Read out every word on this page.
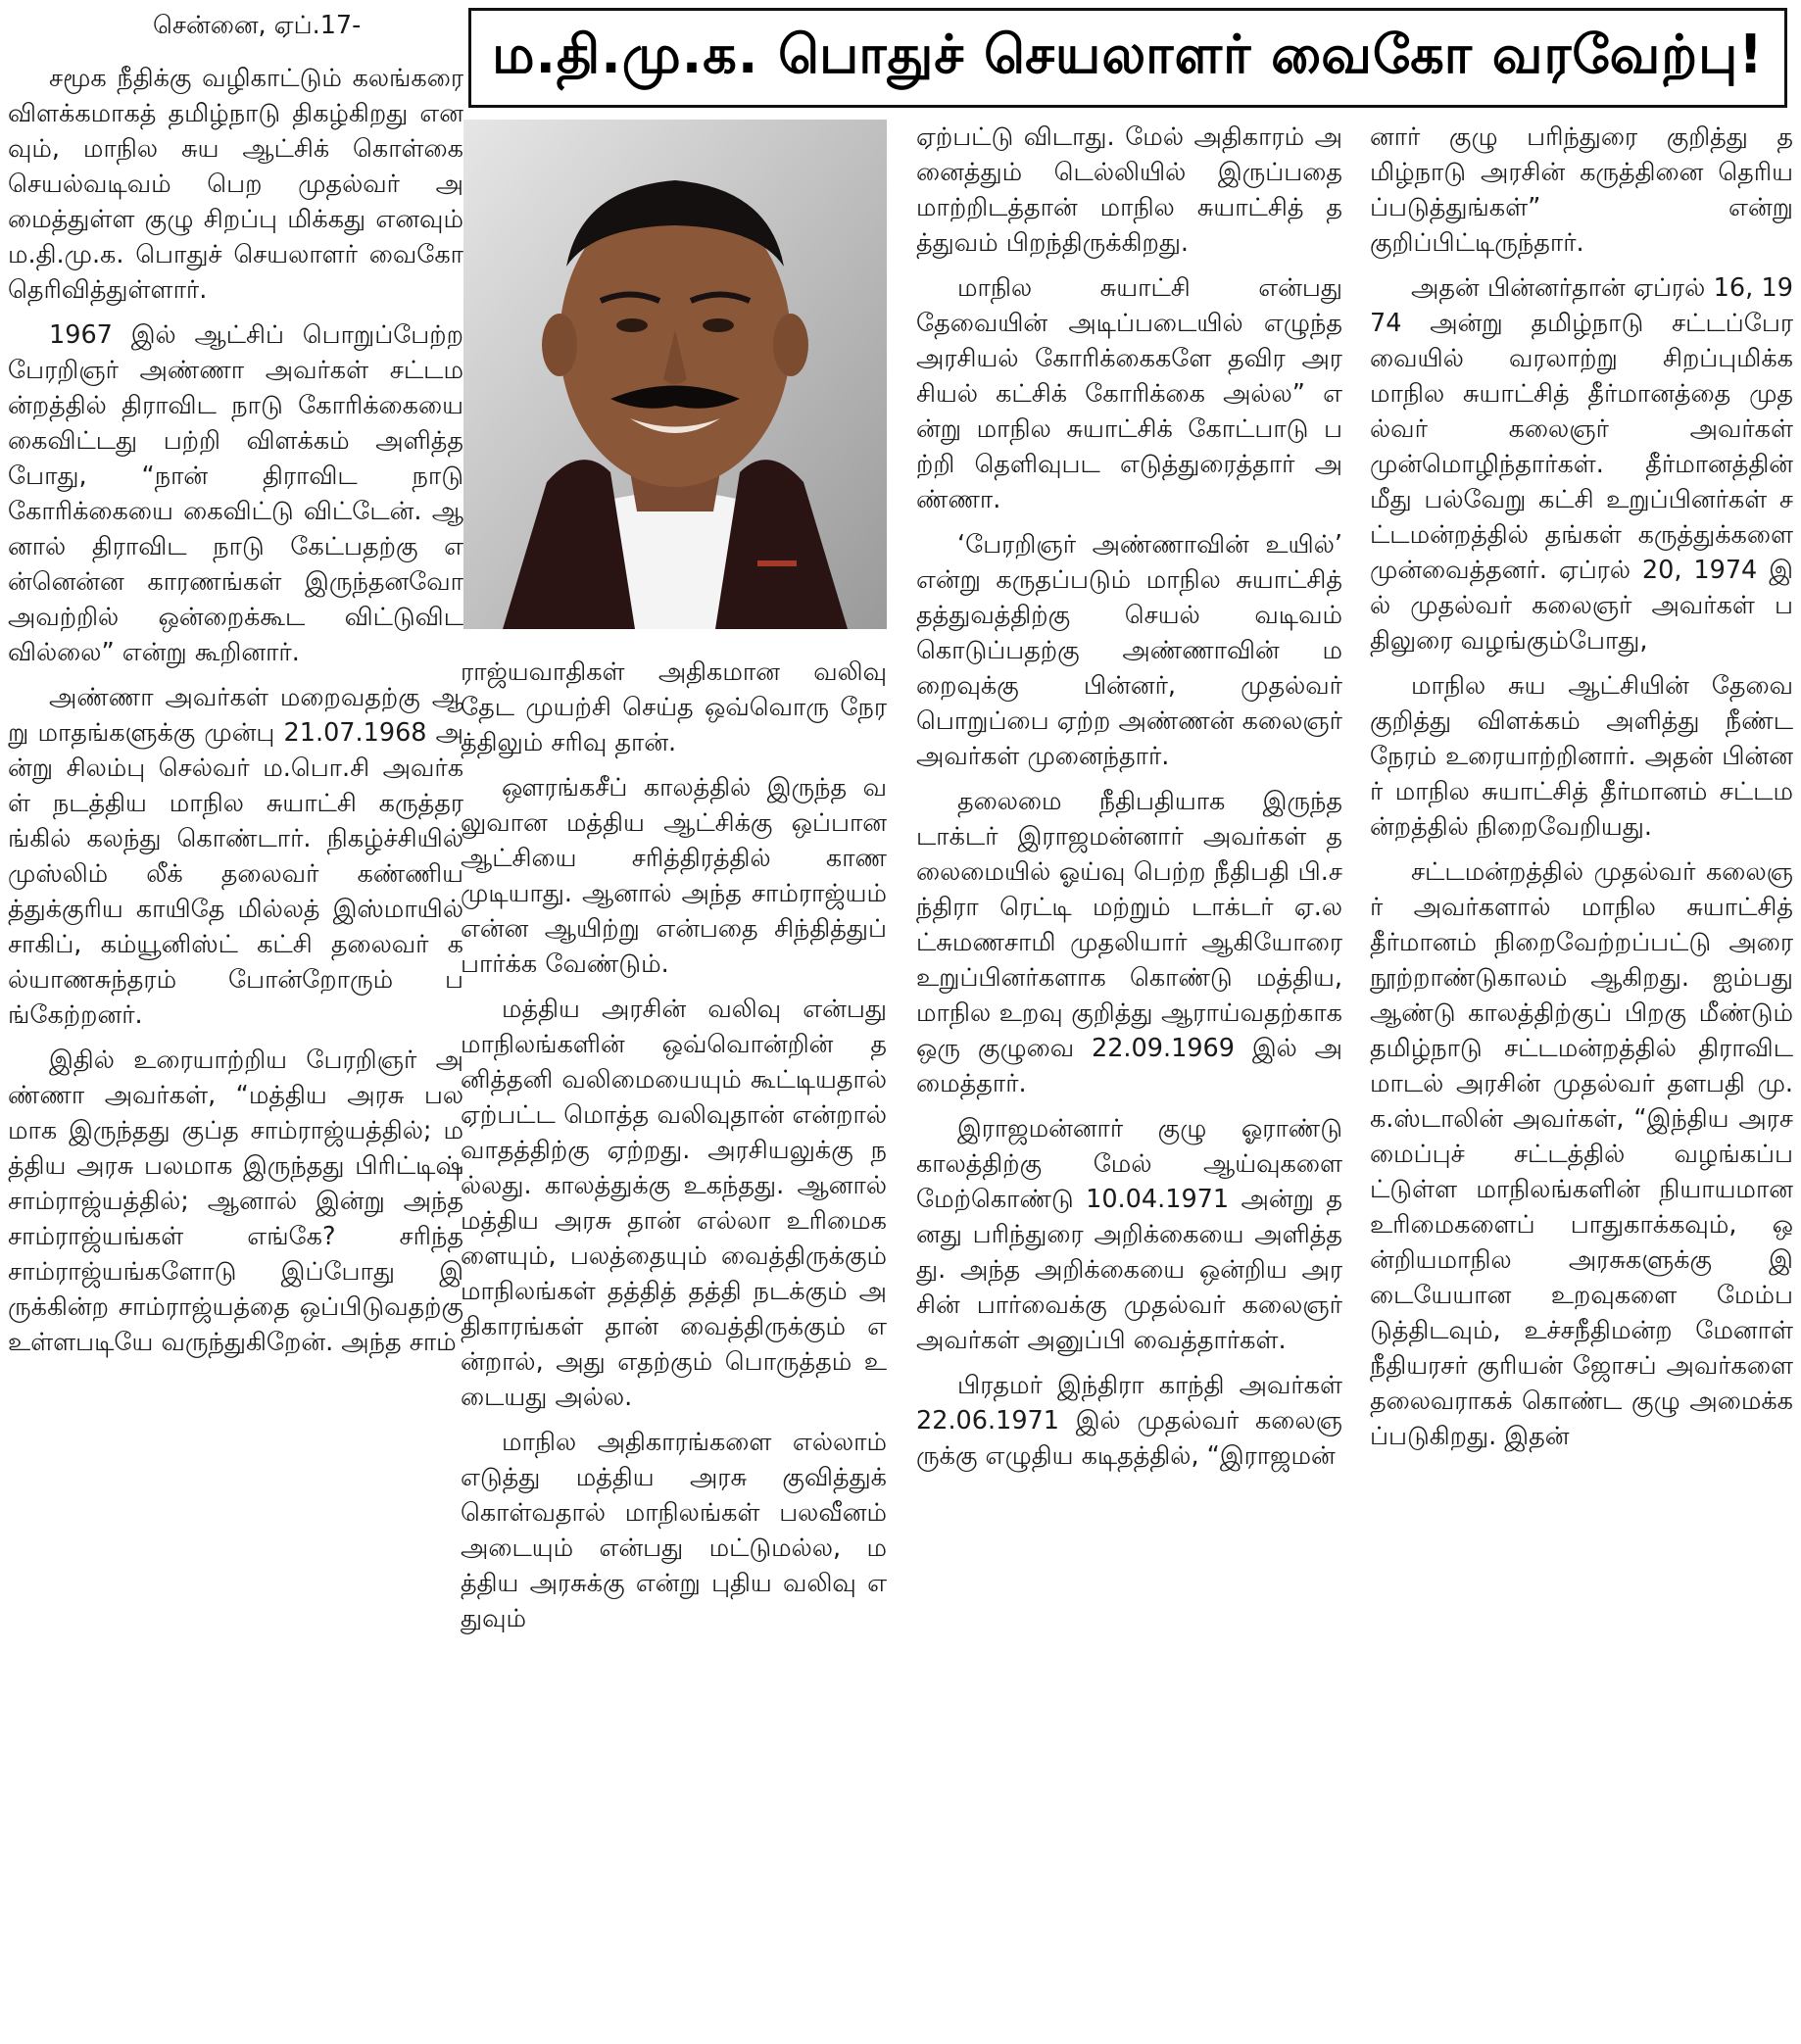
சென்னை, ஏப்.17-

சமூக நீதிக்கு வழிகாட்டும் கலங்கரை விளக்கமாகத் தமிழ்நாடு திகழ்கிறது எனவும், மாநில சுய ஆட்சிக் கொள்கை செயல்வடிவம் பெற முதல்வர் அமைத்துள்ள குழு சிறப்பு மிக்கது எனவும் ம.தி.மு.க. பொதுச் செயலாளர் வைகோ தெரிவித்துள்ளார்.

1967 இல் ஆட்சிப் பொறுப்பேற்ற பேரறிஞர் அண்ணா அவர்கள் சட்டமன்றத்தில் திராவிட நாடு கோரிக்கையை கைவிட்டது பற்றி விளக்கம் அளித்த போது, “நான் திராவிட நாடு கோரிக்கையை கைவிட்டு விட்டேன். ஆனால் திராவிட நாடு கேட்பதற்கு என்னென்ன காரணங்கள் இருந்தனவோ அவற்றில் ஒன்றைக்கூட விட்டுவிடவில்லை” என்று கூறினார்.

அண்ணா அவர்கள் மறைவதற்கு ஆறு மாதங்களுக்கு முன்பு 21.07.1968 அன்று சிலம்பு செல்வர் ம.பொ.சி அவர்கள் நடத்திய மாநில சுயாட்சி கருத்தரங்கில் கலந்து கொண்டார். நிகழ்ச்சியில் முஸ்லிம் லீக் தலைவர் கண்ணியத்துக்குரிய காயிதே மில்லத் இஸ்மாயில் சாகிப், கம்யூனிஸ்ட் கட்சி தலைவர் கல்யாணசுந்தரம் போன்றோரும் பங்கேற்றனர்.

இதில் உரையாற்றிய பேரறிஞர் அண்ணா அவர்கள், “மத்திய அரசு பலமாக இருந்தது குப்த சாம்ராஜ்யத்தில்; மத்திய அரசு பலமாக இருந்தது பிரிட்டிஷ் சாம்ராஜ்யத்தில்; ஆனால் இன்று அந்த சாம்ராஜ்யங்கள் எங்கே? சரிந்த சாம்ராஜ்யங்களோடு இப்போது இருக்கின்ற சாம்ராஜ்யத்தை ஒப்பிடுவதற்கு உள்ளபடியே வருந்துகிறேன். அந்த சாம்

ம.தி.மு.க. பொதுச் செயலாளர் வைகோ வரவேற்பு!

ராஜ்யவாதிகள் அதிகமான வலிவு தேட முயற்சி செய்த ஒவ்வொரு நேரத்திலும் சரிவு தான்.

ஔரங்கசீப் காலத்தில் இருந்த வலுவான மத்திய ஆட்சிக்கு ஒப்பான ஆட்சியை சரித்திரத்தில் காண முடியாது. ஆனால் அந்த சாம்ராஜ்யம் என்ன ஆயிற்று என்பதை சிந்தித்துப் பார்க்க வேண்டும்.

மத்திய அரசின் வலிவு என்பது மாநிலங்களின் ஒவ்வொன்றின் தனித்தனி வலிமையையும் கூட்டியதால் ஏற்பட்ட மொத்த வலிவுதான் என்றால் வாதத்திற்கு ஏற்றது. அரசியலுக்கு நல்லது. காலத்துக்கு உகந்தது. ஆனால் மத்திய அரசு தான் எல்லா உரிமைகளையும், பலத்தையும் வைத்திருக்கும் மாநிலங்கள் தத்தித் தத்தி நடக்கும் அதிகாரங்கள் தான் வைத்திருக்கும் என்றால், அது எதற்கும் பொருத்தம் உடையது அல்ல.

மாநில அதிகாரங்களை எல்லாம் எடுத்து மத்திய அரசு குவித்துக் கொள்வதால் மாநிலங்கள் பலவீனம் அடையும் என்பது மட்டுமல்ல, மத்திய அரசுக்கு என்று புதிய வலிவு எதுவும்

ஏற்பட்டு விடாது. மேல் அதிகாரம் அனைத்தும் டெல்லியில் இருப்பதை மாற்றிடத்தான் மாநில சுயாட்சித் தத்துவம் பிறந்திருக்கிறது.

மாநில சுயாட்சி என்பது தேவையின் அடிப்படையில் எழுந்த அரசியல் கோரிக்கைகளே தவிர அரசியல் கட்சிக் கோரிக்கை அல்ல” என்று மாநில சுயாட்சிக் கோட்பாடு பற்றி தெளிவுபட எடுத்துரைத்தார் அண்ணா.

‘பேரறிஞர் அண்ணாவின் உயில்’ என்று கருதப்படும் மாநில சுயாட்சித் தத்துவத்திற்கு செயல் வடிவம் கொடுப்பதற்கு அண்ணாவின் மறைவுக்கு பின்னர், முதல்வர் பொறுப்பை ஏற்ற அண்ணன் கலைஞர் அவர்கள் முனைந்தார்.

தலைமை நீதிபதியாக இருந்த டாக்டர் இராஜமன்னார் அவர்கள் தலைமையில் ஓய்வு பெற்ற நீதிபதி பி.சந்திரா ரெட்டி மற்றும் டாக்டர் ஏ.லட்சுமணசாமி முதலியார் ஆகியோரை உறுப்பினர்களாக கொண்டு மத்திய, மாநில உறவு குறித்து ஆராய்வதற்காக ஒரு குழுவை 22.09.1969 இல் அமைத்தார்.

இராஜமன்னார் குழு ஓராண்டு காலத்திற்கு மேல் ஆய்வுகளை மேற்கொண்டு 10.04.1971 அன்று தனது பரிந்துரை அறிக்கையை அளித்தது. அந்த அறிக்கையை ஒன்றிய அரசின் பார்வைக்கு முதல்வர் கலைஞர் அவர்கள் அனுப்பி வைத்தார்கள்.

பிரதமர் இந்திரா காந்தி அவர்கள் 22.06.1971 இல் முதல்வர் கலைஞருக்கு எழுதிய கடிதத்தில், “இராஜமன்

னார் குழு பரிந்துரை குறித்து தமிழ்நாடு அரசின் கருத்தினை தெரியப்படுத்துங்கள்” என்று குறிப்பிட்டிருந்தார்.

அதன் பின்னர்தான் ஏப்ரல் 16, 1974 அன்று தமிழ்நாடு சட்டப்பேரவையில் வரலாற்று சிறப்புமிக்க மாநில சுயாட்சித் தீர்மானத்தை முதல்வர் கலைஞர் அவர்கள் முன்மொழிந்தார்கள். தீர்மானத்தின் மீது பல்வேறு கட்சி உறுப்பினர்கள் சட்டமன்றத்தில் தங்கள் கருத்துக்களை முன்வைத்தனர். ஏப்ரல் 20, 1974 இல் முதல்வர் கலைஞர் அவர்கள் பதிலுரை வழங்கும்போது,

மாநில சுய ஆட்சியின் தேவை குறித்து விளக்கம் அளித்து நீண்ட நேரம் உரையாற்றினார். அதன் பின்னர் மாநில சுயாட்சித் தீர்மானம் சட்டமன்றத்தில் நிறைவேறியது.

சட்டமன்றத்தில் முதல்வர் கலைஞர் அவர்களால் மாநில சுயாட்சித் தீர்மானம் நிறைவேற்றப்பட்டு அரை நூற்றாண்டுகாலம் ஆகிறது. ஐம்பது ஆண்டு காலத்திற்குப் பிறகு மீண்டும் தமிழ்நாடு சட்டமன்றத்தில் திராவிட மாடல் அரசின் முதல்வர் தளபதி மு.க.ஸ்டாலின் அவர்கள், “இந்திய அரசமைப்புச் சட்டத்தில் வழங்கப்பட்டுள்ள மாநிலங்களின் நியாயமான உரிமைகளைப் பாதுகாக்கவும், ஒன்றியமாநில அரசுகளுக்கு இடையேயான உறவுகளை மேம்படுத்திடவும், உச்சநீதிமன்ற மேனாள் நீதியரசர் குரியன் ஜோசப் அவர்களை தலைவராகக் கொண்ட குழு அமைக்கப்படுகிறது. இதன்
